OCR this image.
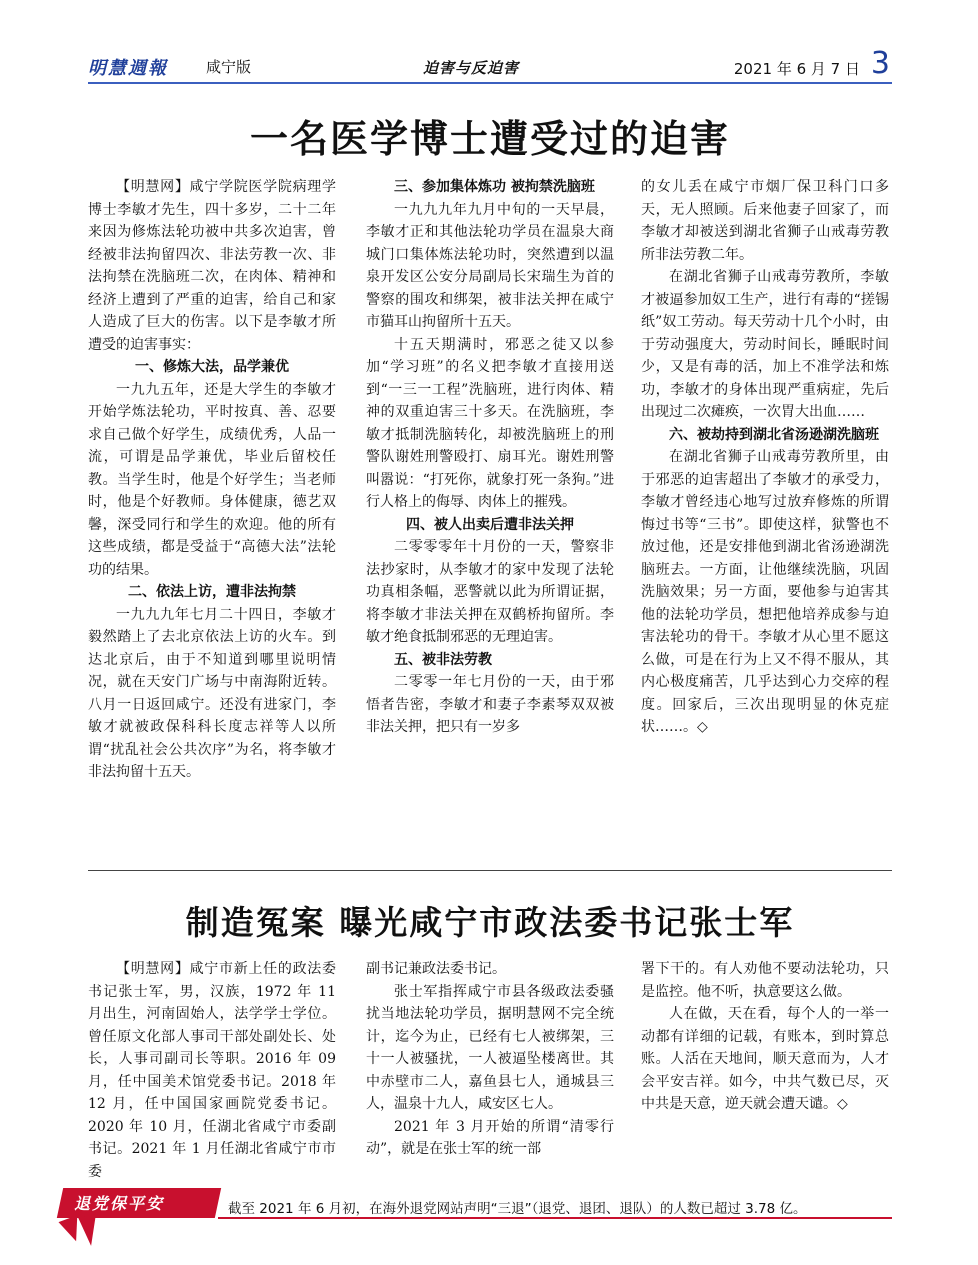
明慧週報	咸宁版	迫害与反迫害	2021 年 6 月 7 日 3
一名医学博士遭受过的迫害

【明慧网】咸宁学院医学院病理学博士李敏才先生，四十多岁，二十二年来因为修炼法轮功被中共多次迫害，曾经被非法拘留四次、非法劳教一次、非法拘禁在洗脑班二次，在肉体、精神和经济上遭到了严重的迫害，给自己和家人造成了巨大的伤害。以下是李敏才所遭受的迫害事实：

一、修炼大法，品学兼优

一九九五年，还是大学生的李敏才开始学炼法轮功，平时按真、善、忍要求自己做个好学生，成绩优秀，人品一流，可谓是品学兼优，毕业后留校任教。当学生时，他是个好学生；当老师时，他是个好教师。身体健康，德艺双馨，深受同行和学生的欢迎。他的所有这些成绩，都是受益于“高德大法”法轮功的结果。

二、依法上访，遭非法拘禁

一九九九年七月二十四日，李敏才毅然踏上了去北京依法上访的火车。到达北京后，由于不知道到哪里说明情况，就在天安门广场与中南海附近转。八月一日返回咸宁。还没有进家门，李敏才就被政保科科长度志祥等人以所谓“扰乱社会公共次序”为名，将李敏才非法拘留十五天。

三、参加集体炼功 被拘禁洗脑班

一九九九年九月中旬的一天早晨，李敏才正和其他法轮功学员在温泉大商城门口集体炼法轮功时，突然遭到以温泉开发区公安分局副局长宋瑞生为首的警察的围攻和绑架，被非法关押在咸宁市猫耳山拘留所十五天。

十五天期满时，邪恶之徒又以参加“学习班”的名义把李敏才直接用送到“一三一工程”洗脑班，进行肉体、精神的双重迫害三十多天。在洗脑班，李敏才抵制洗脑转化，却被洗脑班上的刑警队谢姓刑警殴打、扇耳光。谢姓刑警叫嚣说：“打死你，就象打死一条狗。”进行人格上的侮辱、肉体上的摧残。

四、被人出卖后遭非法关押

二零零零年十月份的一天，警察非法抄家时，从李敏才的家中发现了法轮功真相条幅，恶警就以此为所谓证据，将李敏才非法关押在双鹤桥拘留所。李敏才绝食抵制邪恶的无理迫害。

五、被非法劳教

二零零一年七月份的一天，由于邪悟者告密，李敏才和妻子李素琴双双被非法关押，把只有一岁多

的女儿丢在咸宁市烟厂保卫科门口多天，无人照顾。后来他妻子回家了，而李敏才却被送到湖北省狮子山戒毒劳教所非法劳教二年。

在湖北省狮子山戒毒劳教所，李敏才被逼参加奴工生产，进行有毒的“搓锡纸”奴工劳动。每天劳动十几个小时，由于劳动强度大，劳动时间长，睡眠时间少，又是有毒的活，加上不准学法和炼功，李敏才的身体出现严重病症，先后出现过二次瘫痪，一次胃大出血……

六、被劫持到湖北省汤逊湖洗脑班

在湖北省狮子山戒毒劳教所里，由于邪恶的迫害超出了李敏才的承受力，李敏才曾经违心地写过放弃修炼的所谓悔过书等“三书”。即使这样，狱警也不放过他，还是安排他到湖北省汤逊湖洗脑班去。一方面，让他继续洗脑，巩固洗脑效果；另一方面，要他参与迫害其他的法轮功学员，想把他培养成参与迫害法轮功的骨干。李敏才从心里不愿这么做，可是在行为上又不得不服从，其内心极度痛苦，几乎达到心力交瘁的程度。回家后，三次出现明显的休克症状……。◇

制造冤案 曝光咸宁市政法委书记张士军

【明慧网】咸宁市新上任的政法委书记张士军，男，汉族，1972 年 11 月出生，河南固始人，法学学士学位。曾任原文化部人事司干部处副处长、处长，人事司副司长等职。2016 年 09 月，任中国美术馆党委书记。2018 年 12 月，任中国国家画院党委书记。2020 年 10 月，任湖北省咸宁市委副书记。2021 年 1 月任湖北省咸宁市市委

副书记兼政法委书记。

张士军指挥咸宁市县各级政法委骚扰当地法轮功学员，据明慧网不完全统计，迄今为止，已经有七人被绑架，三十一人被骚扰，一人被逼坠楼离世。其中赤壁市二人，嘉鱼县七人，通城县三人，温泉十九人，咸安区七人。

2021 年 3 月开始的所谓“清零行动”，就是在张士军的统一部

署下干的。有人劝他不要动法轮功，只是监控。他不听，执意要这么做。

人在做，天在看，每个人的一举一动都有详细的记载，有账本，到时算总账。人活在天地间，顺天意而为，人才会平安吉祥。如今，中共气数已尽，灭中共是天意，逆天就会遭天谴。◇

退党保平安	截至 2021 年 6 月初，在海外退党网站声明“三退”（退党、退团、退队）的人数已超过 3.78 亿。
